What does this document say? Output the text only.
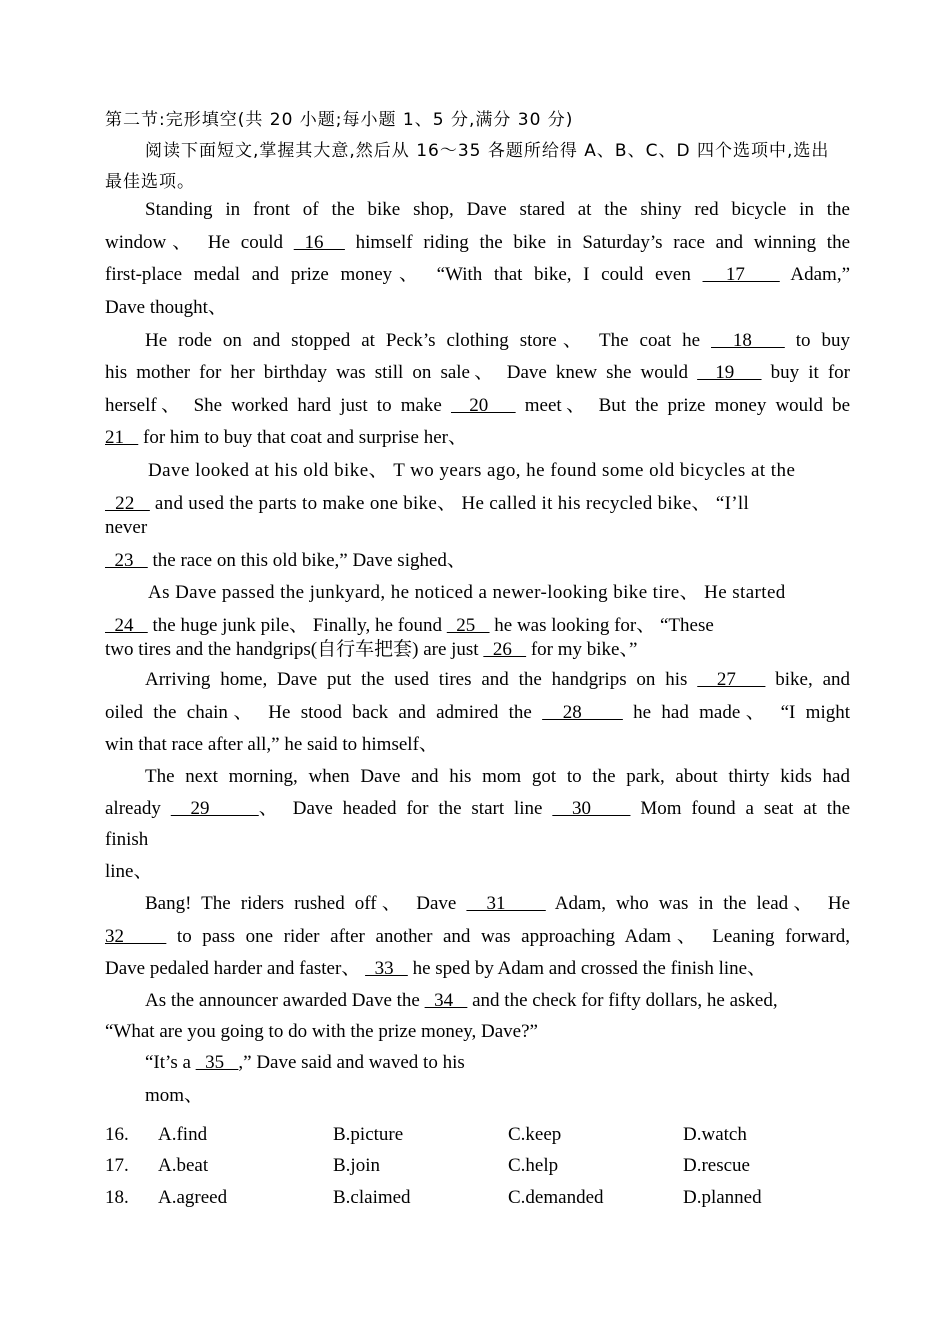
第二节:完形填空(共 20 小题;每小题 1、5 分,满分 30 分)
阅读下面短文,掌握其大意,然后从 16～35 各题所给得 A、B、C、D 四个选项中,选出
最佳选项。
Standing in front of the bike shop, Dave stared at the shiny red bicycle in the
window、 He could  16   himself riding the bike in Saturday’s race and winning the
first-place medal and prize money、 “With that bike, I could even   17    Adam,”
Dave thought、
He rode on and stopped at Peck’s clothing store、 The coat he   18    to buy
his mother for her birthday was still on sale、 Dave knew she would   19    buy it for
herself、 She worked hard just to make   20    meet、 But the prize money would be
21    for him to buy that coat and surprise her、
Dave looked at his old bike、 T wo years ago, he found some old bicycles at the
22    and used the parts to make one bike、 He called it his recycled bike、 “I’ll
never
23    the race on this old bike,” Dave sighed、
As Dave passed the junkyard, he noticed a newer-looking bike tire、 He started
24    the huge junk pile、 Finally, he found   25    he was looking for、 “These
two tires and the handgrips(自行车把套) are just   26    for my bike、”
Arriving home, Dave put the used tires and the handgrips on his   27    bike, and
oiled the chain、 He stood back and admired the   28     he had made、 “I might
win that race after all,” he said to himself、
The next morning, when Dave and his mom got to the park, about thirty kids had
already   29     、 Dave headed for the start line   30     Mom found a seat at the
finish
line、
Bang! The riders rushed off、 Dave   31     Adam, who was in the lead、 He
32     to pass one rider after another and was approaching Adam、 Leaning forward,
Dave pedaled harder and faster、   33    he sped by Adam and crossed the finish line、
As the announcer awarded Dave the   34    and the check for fifty dollars, he asked,
“What are you going to do with the prize money, Dave?”
“It’s a   35   ,” Dave said and waved to his
mom、
16. A.find	B.picture	C.keep	D.watch
17. A.beat	B.join	C.help	D.rescue
18. A.agreed	B.claimed	C.demanded	D.planned
